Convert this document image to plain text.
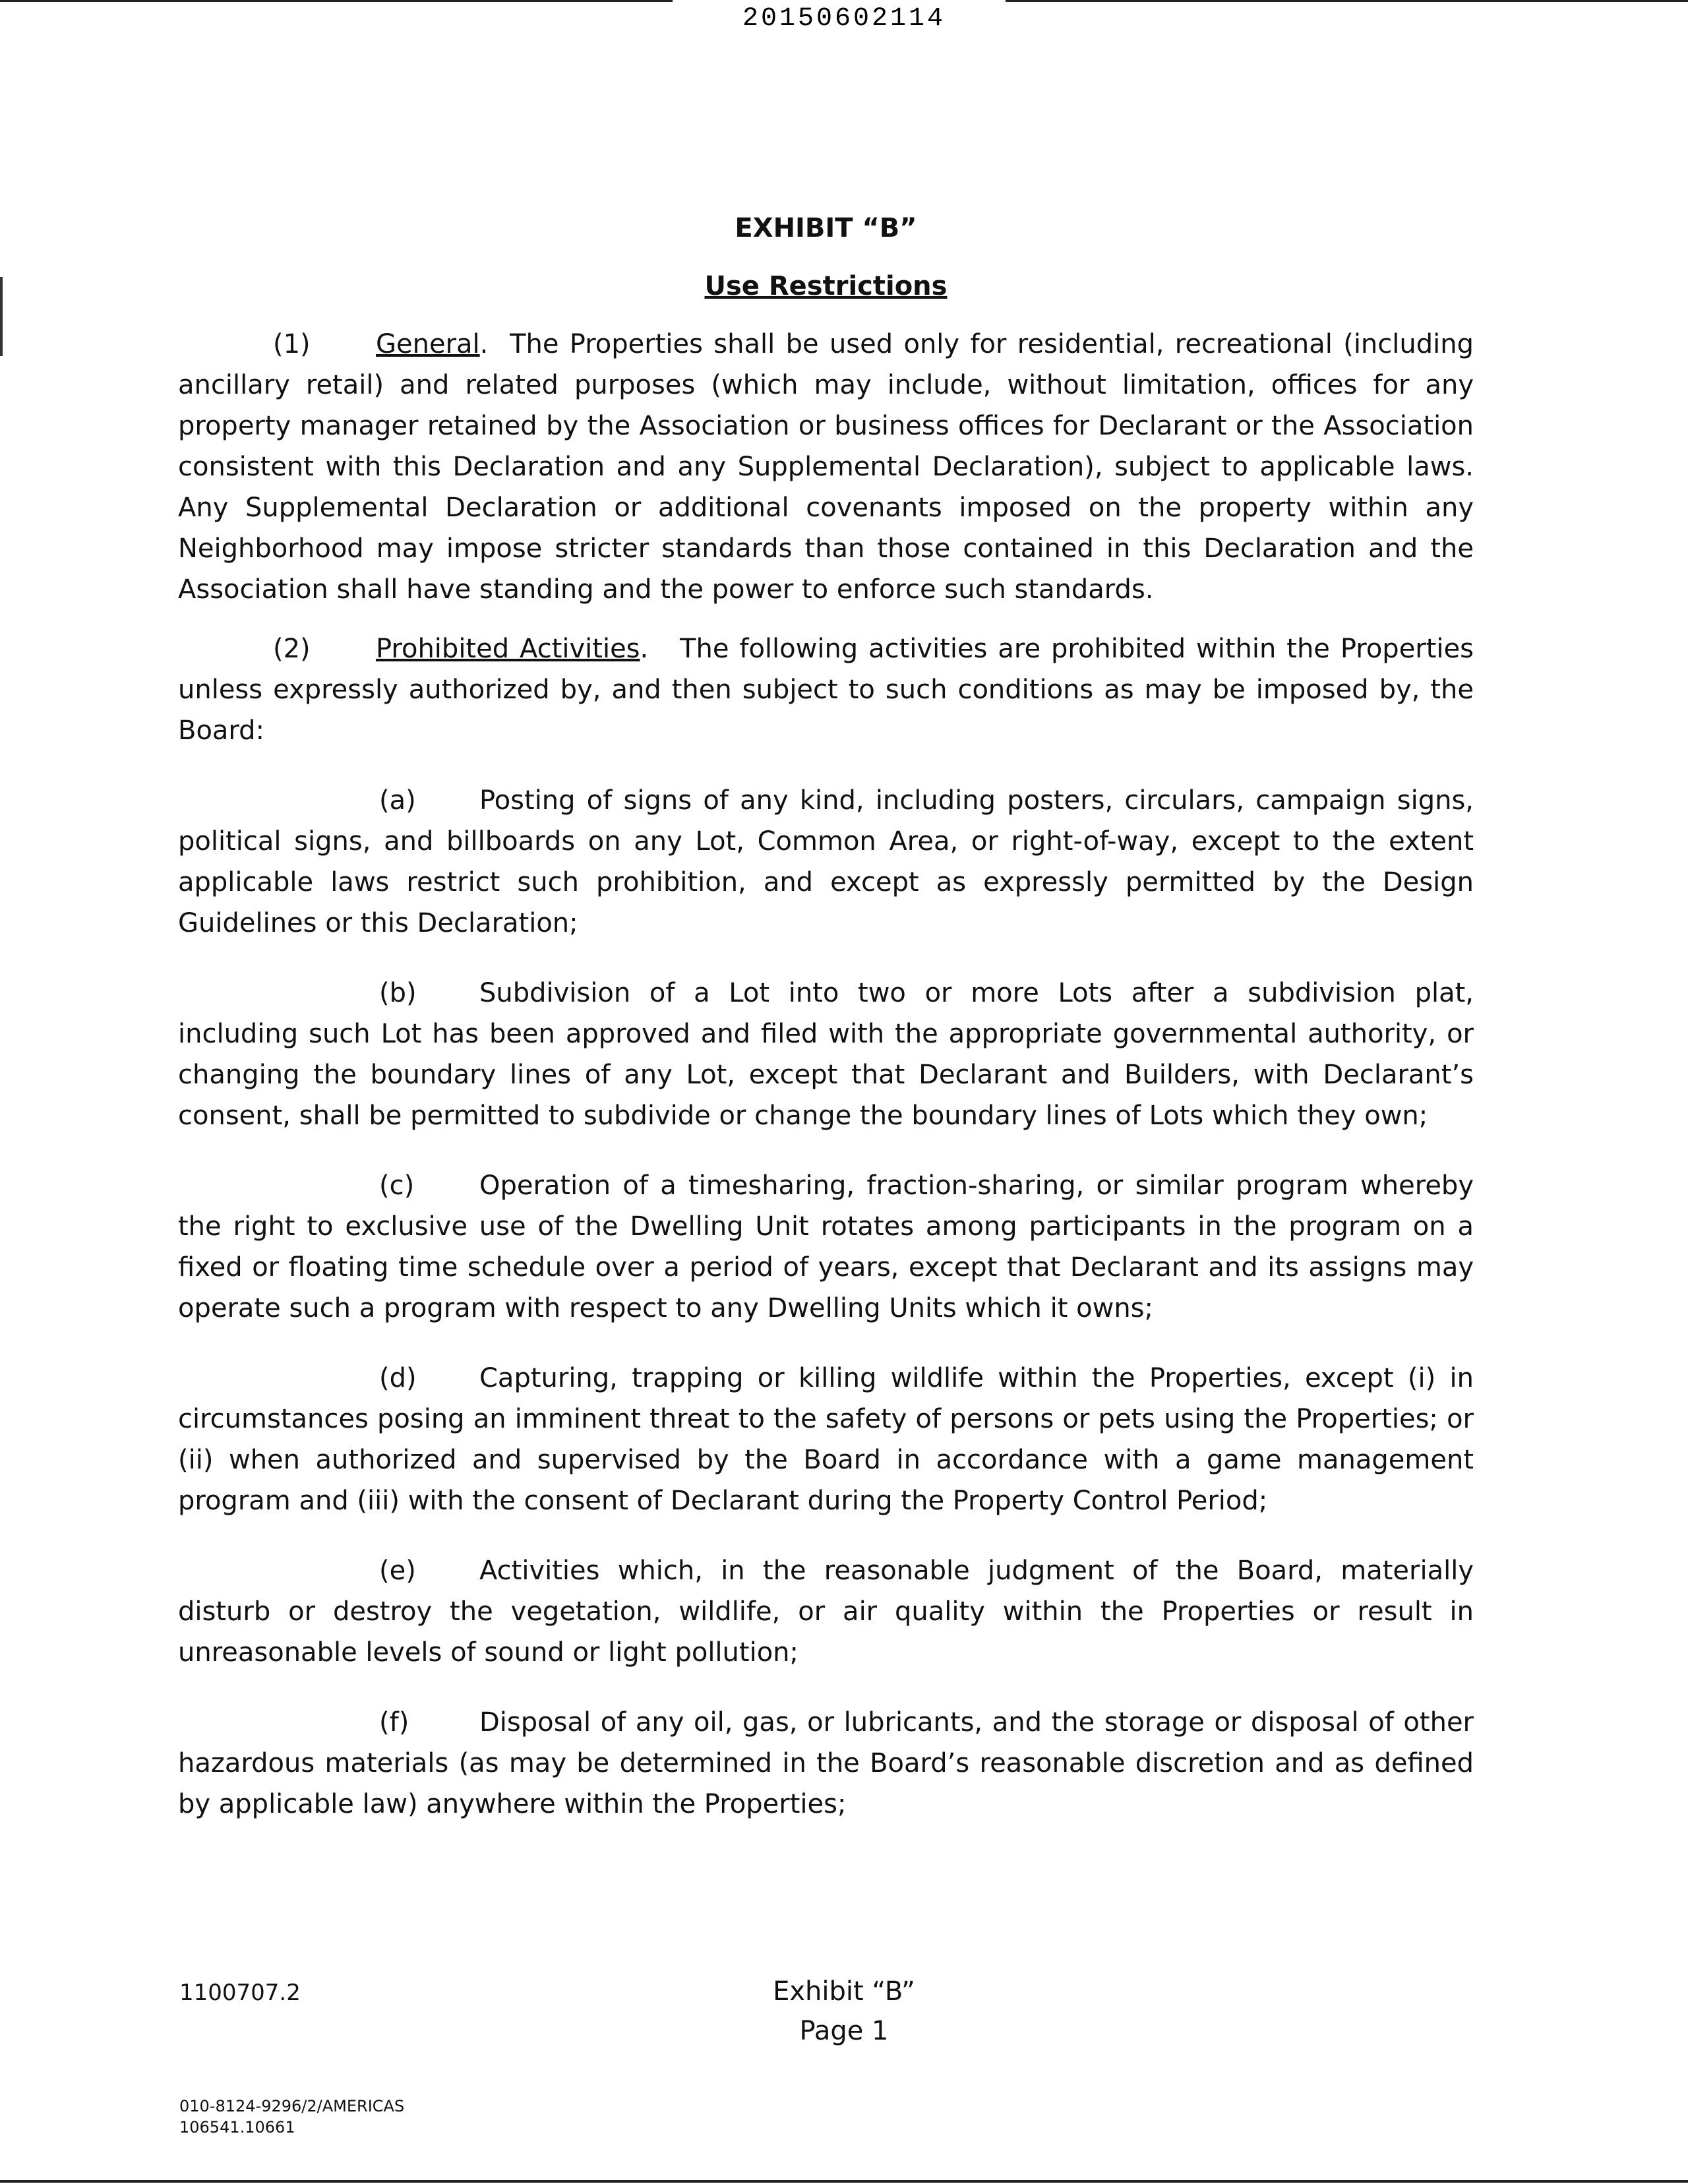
20150602114

EXHIBIT “B”

Use Restrictions

(1) General. The Properties shall be used only for residential, recreational (including ancillary retail) and related purposes (which may include, without limitation, offices for any property manager retained by the Association or business offices for Declarant or the Association consistent with this Declaration and any Supplemental Declaration), subject to applicable laws. Any Supplemental Declaration or additional covenants imposed on the property within any Neighborhood may impose stricter standards than those contained in this Declaration and the Association shall have standing and the power to enforce such standards.

(2) Prohibited Activities. The following activities are prohibited within the Properties unless expressly authorized by, and then subject to such conditions as may be imposed by, the Board:

(a) Posting of signs of any kind, including posters, circulars, campaign signs, political signs, and billboards on any Lot, Common Area, or right-of-way, except to the extent applicable laws restrict such prohibition, and except as expressly permitted by the Design Guidelines or this Declaration;

(b) Subdivision of a Lot into two or more Lots after a subdivision plat, including such Lot has been approved and filed with the appropriate governmental authority, or changing the boundary lines of any Lot, except that Declarant and Builders, with Declarant’s consent, shall be permitted to subdivide or change the boundary lines of Lots which they own;

(c) Operation of a timesharing, fraction-sharing, or similar program whereby the right to exclusive use of the Dwelling Unit rotates among participants in the program on a fixed or floating time schedule over a period of years, except that Declarant and its assigns may operate such a program with respect to any Dwelling Units which it owns;

(d) Capturing, trapping or killing wildlife within the Properties, except (i) in circumstances posing an imminent threat to the safety of persons or pets using the Properties; or (ii) when authorized and supervised by the Board in accordance with a game management program and (iii) with the consent of Declarant during the Property Control Period;

(e) Activities which, in the reasonable judgment of the Board, materially disturb or destroy the vegetation, wildlife, or air quality within the Properties or result in unreasonable levels of sound or light pollution;

(f)	Disposal of any oil, gas, or lubricants, and the storage or disposal of other hazardous materials (as may be determined in the Board’s reasonable discretion and as defined by applicable law) anywhere within the Properties;

1100707.2	Exhibit “B”
Page 1
010-8124-9296/2/AMERICAS
106541.10661
